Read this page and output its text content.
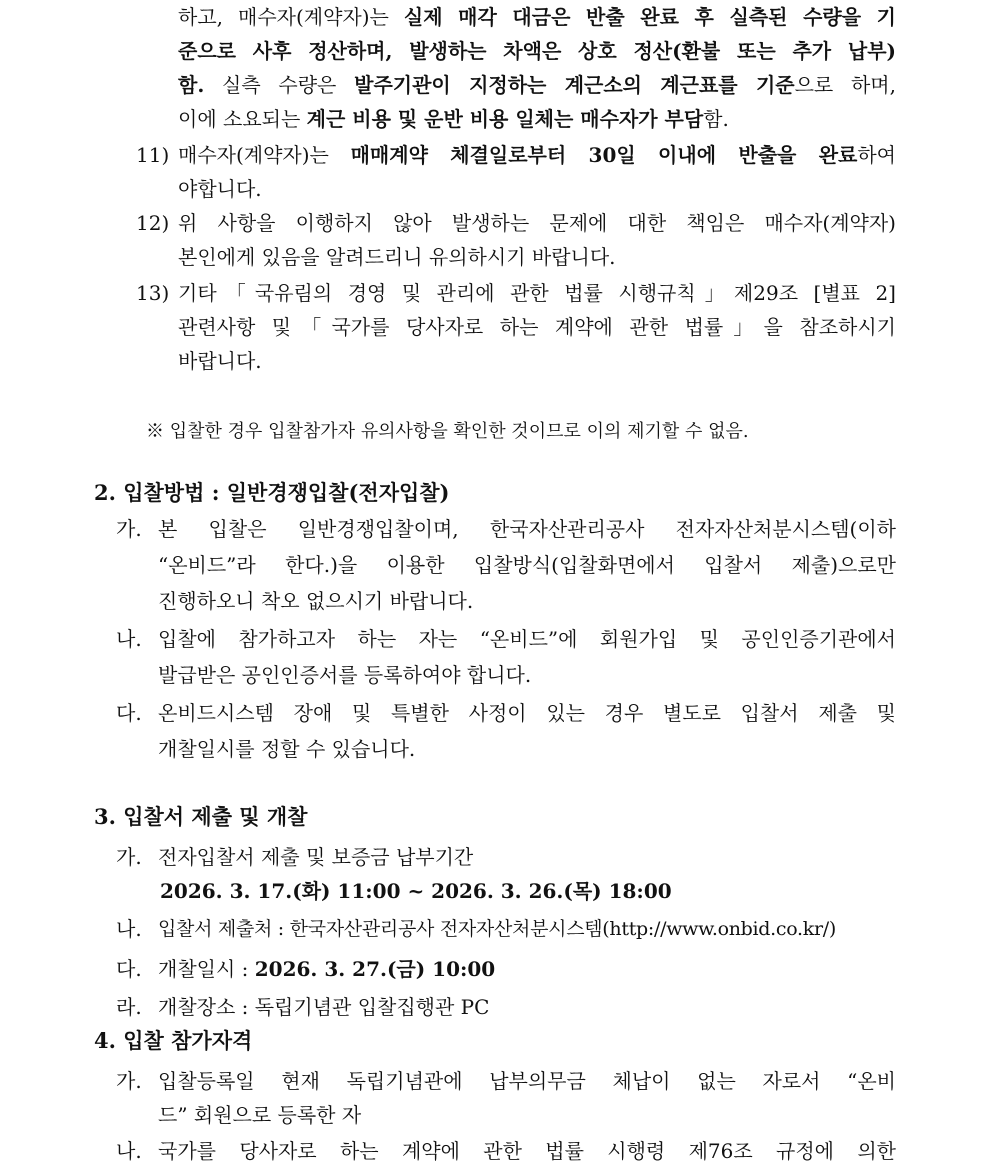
하고, 매수자(계약자)는 실제 매각 대금은 반출 완료 후 실측된 수량을 기
준으로 사후 정산하며, 발생하는 차액은 상호 정산(환불 또는 추가 납부)
함. 실측 수량은 발주기관이 지정하는 계근소의 계근표를 기준으로 하며,
이에 소요되는 계근 비용 및 운반 비용 일체는 매수자가 부담함.
11) 매수자(계약자)는 매매계약 체결일로부터 30일 이내에 반출을 완료하여
야합니다.
12) 위 사항을 이행하지 않아 발생하는 문제에 대한 책임은 매수자(계약자)
본인에게 있음을 알려드리니 유의하시기 바랍니다.
13) 기타「국유림의 경영 및 관리에 관한 법률 시행규칙」제29조 [별표 2]
관련사항 및「국가를 당사자로 하는 계약에 관한 법률」을 참조하시기
바랍니다.
※ 입찰한 경우 입찰참가자 유의사항을 확인한 것이므로 이의 제기할 수 없음.
2. 입찰방법 : 일반경쟁입찰(전자입찰)
가. 본 입찰은 일반경쟁입찰이며, 한국자산관리공사 전자자산처분시스템(이하
“온비드”라 한다.)을 이용한 입찰방식(입찰화면에서 입찰서 제출)으로만
진행하오니 착오 없으시기 바랍니다.
나. 입찰에 참가하고자 하는 자는 “온비드”에 회원가입 및 공인인증기관에서
발급받은 공인인증서를 등록하여야 합니다.
다. 온비드시스템 장애 및 특별한 사정이 있는 경우 별도로 입찰서 제출 및
개찰일시를 정할 수 있습니다.
3. 입찰서 제출 및 개찰
가. 전자입찰서 제출 및 보증금 납부기간
2026. 3. 17.(화) 11:00 ~ 2026. 3. 26.(목) 18:00
나. 입찰서 제출처 : 한국자산관리공사 전자자산처분시스템(http://www.onbid.co.kr/)
다. 개찰일시 : 2026. 3. 27.(금) 10:00
라. 개찰장소 : 독립기념관 입찰집행관 PC
4. 입찰 참가자격
가. 입찰등록일 현재 독립기념관에 납부의무금 체납이 없는 자로서 “온비
드” 회원으로 등록한 자
나. 국가를 당사자로 하는 계약에 관한 법률 시행령 제76조 규정에 의한
